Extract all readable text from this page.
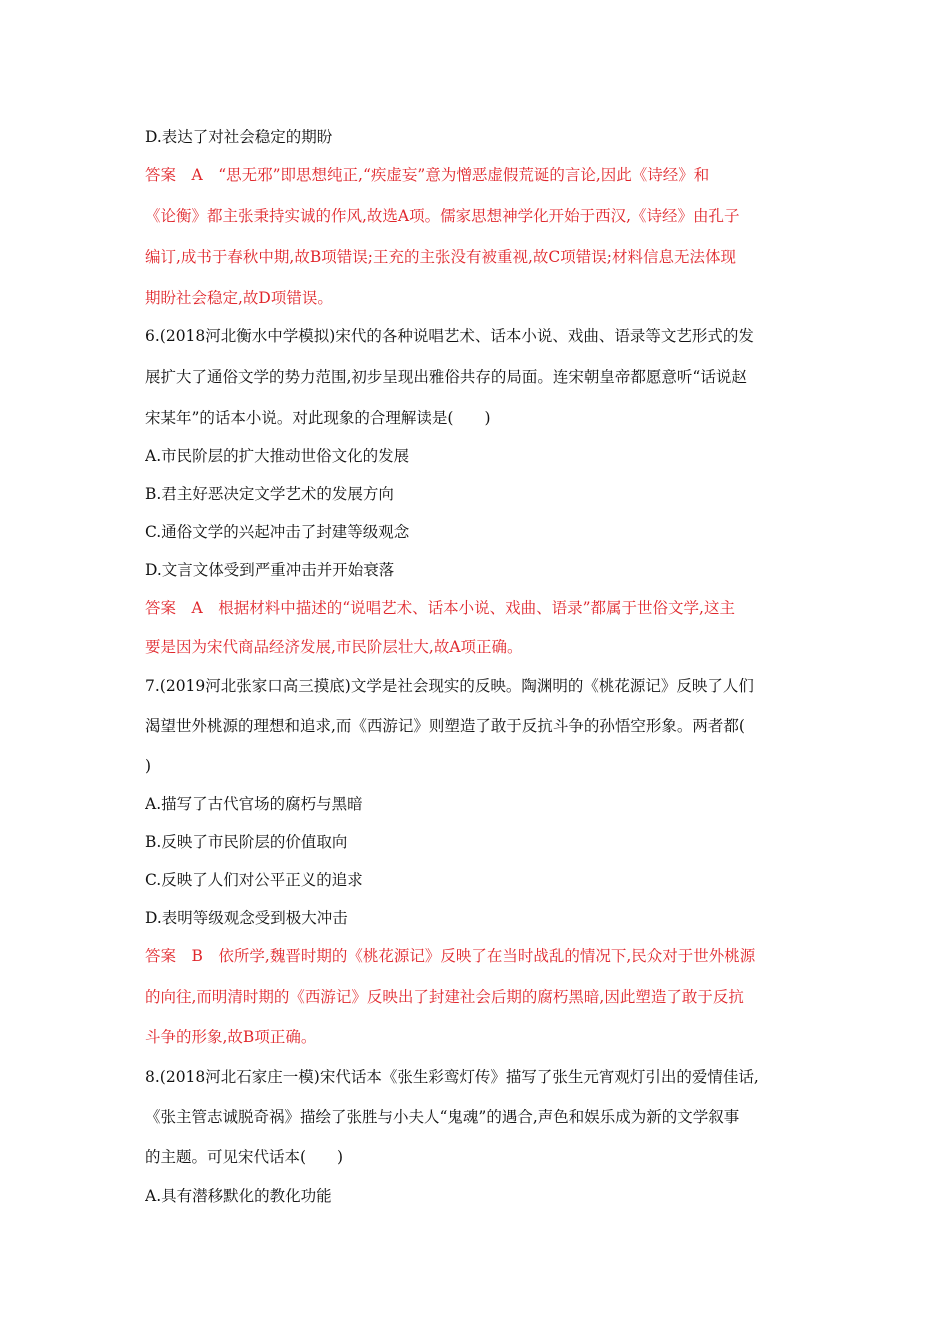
D.表达了对社会稳定的期盼
答案　A　“思无邪”即思想纯正,“疾虚妄”意为憎恶虚假荒诞的言论,因此《诗经》和
《论衡》都主张秉持实诚的作风,故选A项。儒家思想神学化开始于西汉,《诗经》由孔子
编订,成书于春秋中期,故B项错误;王充的主张没有被重视,故C项错误;材料信息无法体现
期盼社会稳定,故D项错误。
6.(2018河北衡水中学模拟)宋代的各种说唱艺术、话本小说、戏曲、语录等文艺形式的发
展扩大了通俗文学的势力范围,初步呈现出雅俗共存的局面。连宋朝皇帝都愿意听“话说赵
宋某年”的话本小说。对此现象的合理解读是(　　)
A.市民阶层的扩大推动世俗文化的发展
B.君主好恶决定文学艺术的发展方向
C.通俗文学的兴起冲击了封建等级观念
D.文言文体受到严重冲击并开始衰落
答案　A　根据材料中描述的“说唱艺术、话本小说、戏曲、语录”都属于世俗文学,这主
要是因为宋代商品经济发展,市民阶层壮大,故A项正确。
7.(2019河北张家口高三摸底)文学是社会现实的反映。陶渊明的《桃花源记》反映了人们
渴望世外桃源的理想和追求,而《西游记》则塑造了敢于反抗斗争的孙悟空形象。两者都(
)
A.描写了古代官场的腐朽与黑暗
B.反映了市民阶层的价值取向
C.反映了人们对公平正义的追求
D.表明等级观念受到极大冲击
答案　B　依所学,魏晋时期的《桃花源记》反映了在当时战乱的情况下,民众对于世外桃源
的向往,而明清时期的《西游记》反映出了封建社会后期的腐朽黑暗,因此塑造了敢于反抗
斗争的形象,故B项正确。
8.(2018河北石家庄一模)宋代话本《张生彩鸾灯传》描写了张生元宵观灯引出的爱情佳话,
《张主管志诚脱奇祸》描绘了张胜与小夫人“鬼魂”的遇合,声色和娱乐成为新的文学叙事
的主题。可见宋代话本(　　)
A.具有潜移默化的教化功能
